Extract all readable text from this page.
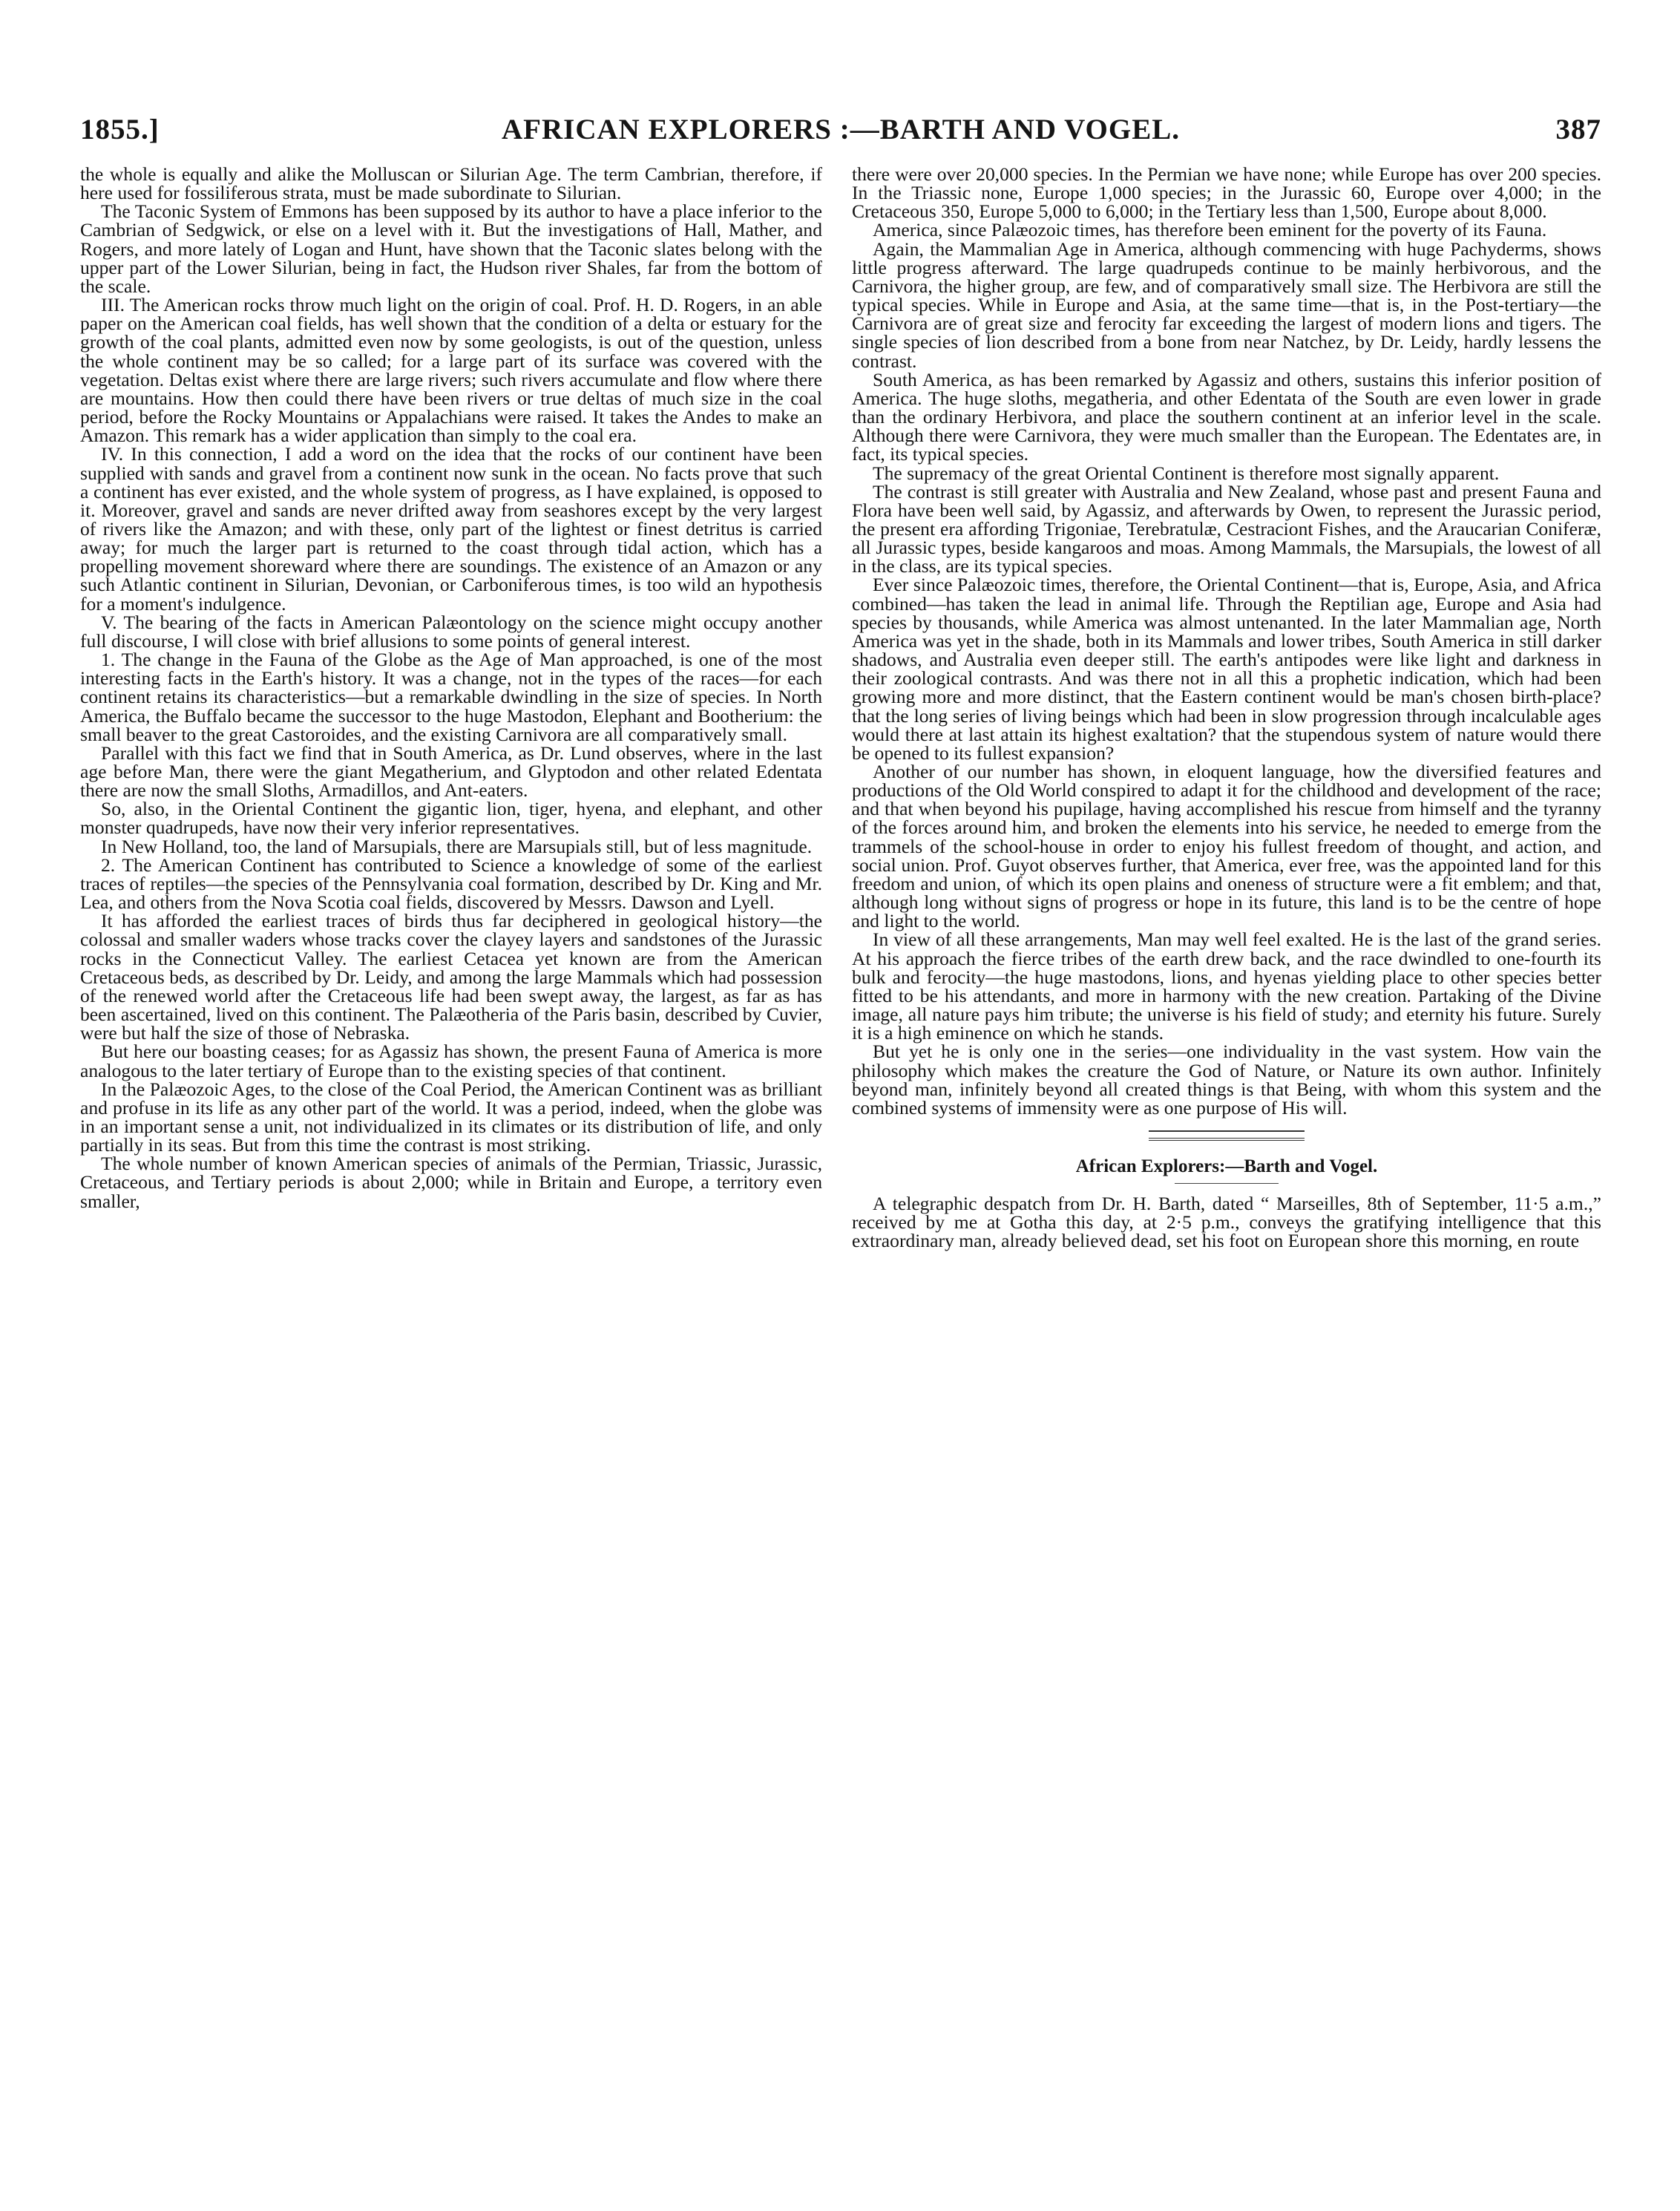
1855.]	AFRICAN EXPLORERS :—BARTH AND VOGEL.	387

the whole is equally and alike the Molluscan or Silurian Age. The term Cambrian, therefore, if here used for fossiliferous strata, must be made subordinate to Silurian.

The Taconic System of Emmons has been supposed by its author to have a place inferior to the Cambrian of Sedgwick, or else on a level with it. But the investigations of Hall, Mather, and Rogers, and more lately of Logan and Hunt, have shown that the Taconic slates belong with the upper part of the Lower Silurian, being in fact, the Hudson river Shales, far from the bottom of the scale.

III. The American rocks throw much light on the origin of coal. Prof. H. D. Rogers, in an able paper on the American coal fields, has well shown that the condition of a delta or estuary for the growth of the coal plants, admitted even now by some geologists, is out of the question, unless the whole continent may be so called; for a large part of its surface was covered with the vegetation. Deltas exist where there are large rivers; such rivers accumulate and flow where there are mountains. How then could there have been rivers or true deltas of much size in the coal period, before the Rocky Mountains or Appalachians were raised. It takes the Andes to make an Amazon. This remark has a wider application than simply to the coal era.

IV. In this connection, I add a word on the idea that the rocks of our continent have been supplied with sands and gravel from a continent now sunk in the ocean. No facts prove that such a continent has ever existed, and the whole system of progress, as I have explained, is opposed to it. Moreover, gravel and sands are never drifted away from seashores except by the very largest of rivers like the Amazon; and with these, only part of the lightest or finest detritus is carried away; for much the larger part is returned to the coast through tidal action, which has a propelling movement shoreward where there are soundings. The existence of an Amazon or any such Atlantic continent in Silurian, Devonian, or Carboniferous times, is too wild an hypothesis for a moment's indulgence.

V. The bearing of the facts in American Palæontology on the science might occupy another full discourse, I will close with brief allusions to some points of general interest.

1. The change in the Fauna of the Globe as the Age of Man approached, is one of the most interesting facts in the Earth's history. It was a change, not in the types of the races—for each continent retains its characteristics—but a remarkable dwindling in the size of species. In North America, the Buffalo became the successor to the huge Mastodon, Elephant and Bootherium: the small beaver to the great Castoroides, and the existing Carnivora are all comparatively small.

Parallel with this fact we find that in South America, as Dr. Lund observes, where in the last age before Man, there were the giant Megatherium, and Glyptodon and other related Edentata there are now the small Sloths, Armadillos, and Ant-eaters.

So, also, in the Oriental Continent the gigantic lion, tiger, hyena, and elephant, and other monster quadrupeds, have now their very inferior representatives.

In New Holland, too, the land of Marsupials, there are Marsupials still, but of less magnitude.

2. The American Continent has contributed to Science a knowledge of some of the earliest traces of reptiles—the species of the Pennsylvania coal formation, described by Dr. King and Mr. Lea, and others from the Nova Scotia coal fields, discovered by Messrs. Dawson and Lyell.

It has afforded the earliest traces of birds thus far deciphered in geological history—the colossal and smaller waders whose tracks cover the clayey layers and sandstones of the Jurassic rocks in the Connecticut Valley. The earliest Cetacea yet known are from the American Cretaceous beds, as described by Dr. Leidy, and among the large Mammals which had possession of the renewed world after the Cretaceous life had been swept away, the largest, as far as has been ascertained, lived on this continent. The Palæotheria of the Paris basin, described by Cuvier, were but half the size of those of Nebraska.

But here our boasting ceases; for as Agassiz has shown, the present Fauna of America is more analogous to the later tertiary of Europe than to the existing species of that continent.

In the Palæozoic Ages, to the close of the Coal Period, the American Continent was as brilliant and profuse in its life as any other part of the world. It was a period, indeed, when the globe was in an important sense a unit, not individualized in its climates or its distribution of life, and only partially in its seas. But from this time the contrast is most striking.

The whole number of known American species of animals of the Permian, Triassic, Jurassic, Cretaceous, and Tertiary periods is about 2,000; while in Britain and Europe, a territory even smaller,

there were over 20,000 species. In the Permian we have none; while Europe has over 200 species. In the Triassic none, Europe 1,000 species; in the Jurassic 60, Europe over 4,000; in the Cretaceous 350, Europe 5,000 to 6,000; in the Tertiary less than 1,500, Europe about 8,000.

America, since Palæozoic times, has therefore been eminent for the poverty of its Fauna.

Again, the Mammalian Age in America, although commencing with huge Pachyderms, shows little progress afterward. The large quadrupeds continue to be mainly herbivorous, and the Carnivora, the higher group, are few, and of comparatively small size. The Herbivora are still the typical species. While in Europe and Asia, at the same time—that is, in the Post-tertiary—the Carnivora are of great size and ferocity far exceeding the largest of modern lions and tigers. The single species of lion described from a bone from near Natchez, by Dr. Leidy, hardly lessens the contrast.

South America, as has been remarked by Agassiz and others, sustains this inferior position of America. The huge sloths, megatheria, and other Edentata of the South are even lower in grade than the ordinary Herbivora, and place the southern continent at an inferior level in the scale. Although there were Carnivora, they were much smaller than the European. The Edentates are, in fact, its typical species.

The supremacy of the great Oriental Continent is therefore most signally apparent.

The contrast is still greater with Australia and New Zealand, whose past and present Fauna and Flora have been well said, by Agassiz, and afterwards by Owen, to represent the Jurassic period, the present era affording Trigoniae, Terebratulæ, Cestraciont Fishes, and the Araucarian Coniferæ, all Jurassic types, beside kangaroos and moas. Among Mammals, the Marsupials, the lowest of all in the class, are its typical species.

Ever since Palæozoic times, therefore, the Oriental Continent—that is, Europe, Asia, and Africa combined—has taken the lead in animal life. Through the Reptilian age, Europe and Asia had species by thousands, while America was almost untenanted. In the later Mammalian age, North America was yet in the shade, both in its Mammals and lower tribes, South America in still darker shadows, and Australia even deeper still. The earth's antipodes were like light and darkness in their zoological contrasts. And was there not in all this a prophetic indication, which had been growing more and more distinct, that the Eastern continent would be man's chosen birth-place? that the long series of living beings which had been in slow progression through incalculable ages would there at last attain its highest exaltation? that the stupendous system of nature would there be opened to its fullest expansion?

Another of our number has shown, in eloquent language, how the diversified features and productions of the Old World conspired to adapt it for the childhood and development of the race; and that when beyond his pupilage, having accomplished his rescue from himself and the tyranny of the forces around him, and broken the elements into his service, he needed to emerge from the trammels of the school-house in order to enjoy his fullest freedom of thought, and action, and social union. Prof. Guyot observes further, that America, ever free, was the appointed land for this freedom and union, of which its open plains and oneness of structure were a fit emblem; and that, although long without signs of progress or hope in its future, this land is to be the centre of hope and light to the world.

In view of all these arrangements, Man may well feel exalted. He is the last of the grand series. At his approach the fierce tribes of the earth drew back, and the race dwindled to one-fourth its bulk and ferocity—the huge mastodons, lions, and hyenas yielding place to other species better fitted to be his attendants, and more in harmony with the new creation. Partaking of the Divine image, all nature pays him tribute; the universe is his field of study; and eternity his future. Surely it is a high eminence on which he stands.

But yet he is only one in the series—one individuality in the vast system. How vain the philosophy which makes the creature the God of Nature, or Nature its own author. Infinitely beyond man, infinitely beyond all created things is that Being, with whom this system and the combined systems of immensity were as one purpose of His will.

African Explorers:—Barth and Vogel.

A telegraphic despatch from Dr. H. Barth, dated “ Marseilles, 8th of September, 11·5 a.m.,” received by me at Gotha this day, at 2·5 p.m., conveys the gratifying intelligence that this extraordinary man, already believed dead, set his foot on European shore this morning, en route
